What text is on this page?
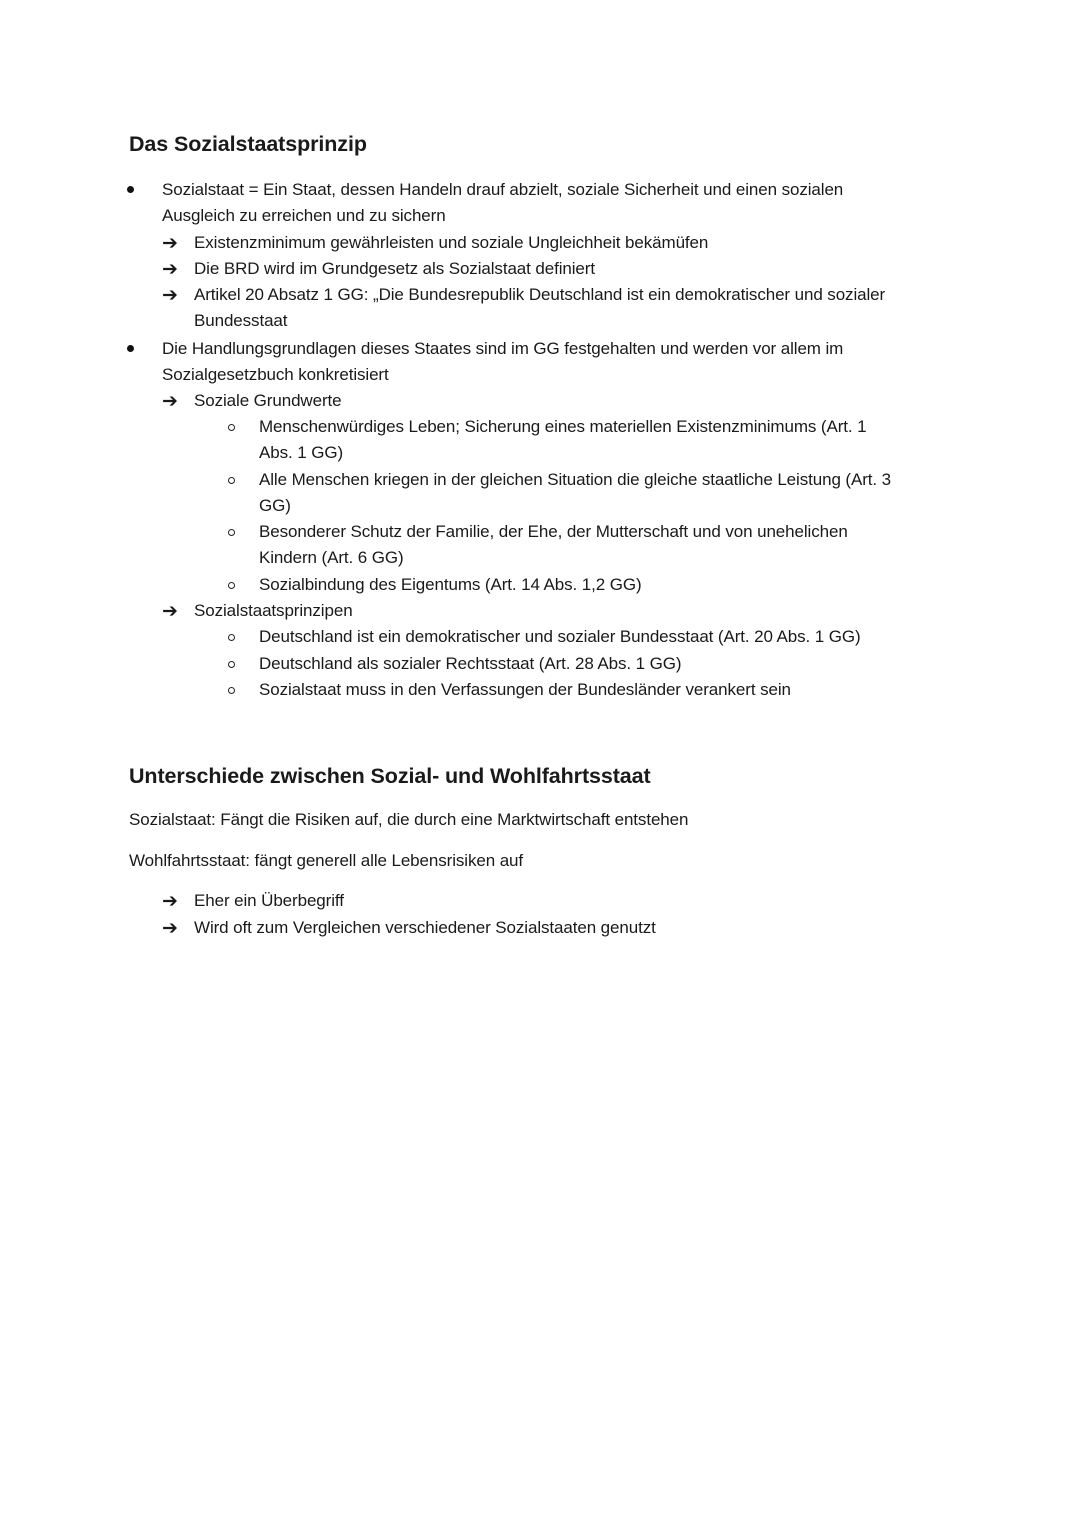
Das Sozialstaatsprinzip
Sozialstaat = Ein Staat, dessen Handeln drauf abzielt, soziale Sicherheit und einen sozialen
Ausgleich zu erreichen und zu sichern
➔ Existenzminimum gewährleisten und soziale Ungleichheit bekämüfen
➔ Die BRD wird im Grundgesetz als Sozialstaat definiert
➔ Artikel 20 Absatz 1 GG: „Die Bundesrepublik Deutschland ist ein demokratischer und sozialer
Bundesstaat
Die Handlungsgrundlagen dieses Staates sind im GG festgehalten und werden vor allem im
Sozialgesetzbuch konkretisiert
➔ Soziale Grundwerte
Menschenwürdiges Leben; Sicherung eines materiellen Existenzminimums (Art. 1
Abs. 1 GG)
Alle Menschen kriegen in der gleichen Situation die gleiche staatliche Leistung (Art. 3
GG)
Besonderer Schutz der Familie, der Ehe, der Mutterschaft und von unehelichen
Kindern (Art. 6 GG)
Sozialbindung des Eigentums (Art. 14 Abs. 1,2 GG)
➔ Sozialstaatsprinzipen
Deutschland ist ein demokratischer und sozialer Bundesstaat (Art. 20 Abs. 1 GG)
Deutschland als sozialer Rechtsstaat (Art. 28 Abs. 1 GG)
Sozialstaat muss in den Verfassungen der Bundesländer verankert sein
Unterschiede zwischen Sozial- und Wohlfahrtsstaat
Sozialstaat: Fängt die Risiken auf, die durch eine Marktwirtschaft entstehen
Wohlfahrtsstaat: fängt generell alle Lebensrisiken auf
➔ Eher ein Überbegriff
➔ Wird oft zum Vergleichen verschiedener Sozialstaaten genutzt
